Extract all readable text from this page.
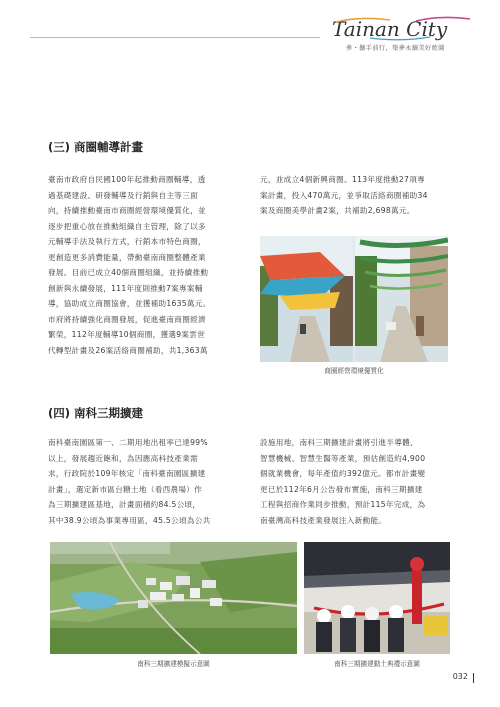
Tainan City
參・攜手前行，築夢永續美好藍圖
(三) 商圈輔導計畫
臺南市政府自民國100年起推動商圈輔導，透
過基礎建設、研發輔導及行銷與自主等三面
向，持續推動臺南市商圈經營環境優質化，並
逐步把重心放在推動組織自主管理，除了以多
元輔導手法及執行方式，行銷本市特色商圈，
更創造更多消費能量，帶動臺南商圈整體產業
發展。目前已成立40個商圈組織，並持續推動
創新與永續發展，111年度則推動7案專案輔
導，協助成立商圈協會，並獲補助1635萬元。
市府將持續強化商圈發展，促進臺南商圈經濟
繁榮，112年度輔導10個商圈，獲選9案雲世
代轉型計畫及26案活絡商圈補助，共1,363萬
元，並成立4個新興商圈。113年度推動27項專
案計畫，投入470萬元，並爭取活絡商圈補助34
案及商圈美學計畫2案，共補助2,698萬元。
商圈經營環境優質化
(四) 南科三期擴建
南科臺南園區第一、二期用地出租率已達99%
以上，發展趨近飽和，為因應高科技產業需
求，行政院於109年核定「南科臺南園區擴建
計畫」，選定新市區台糖土地（看西農場）作
為三期擴建區基地，計畫面積約84.5公頃，
其中38.9公頃為事業專用區，45.5公頃為公共
設施用地，南科三期擴建計畫將引進半導體、
智慧機械、智慧生醫等產業，預估創造約4,900
個就業機會，每年產值約392億元。都市計畫變
更已於112年6月公告發布實施，南科三期擴建
工程與招商作業同步推動，預計115年完成，為
南臺灣高科技產業發展注入新動能。
南科三期擴建模擬示意圖	南科三期擴建動土典禮示意圖
032
